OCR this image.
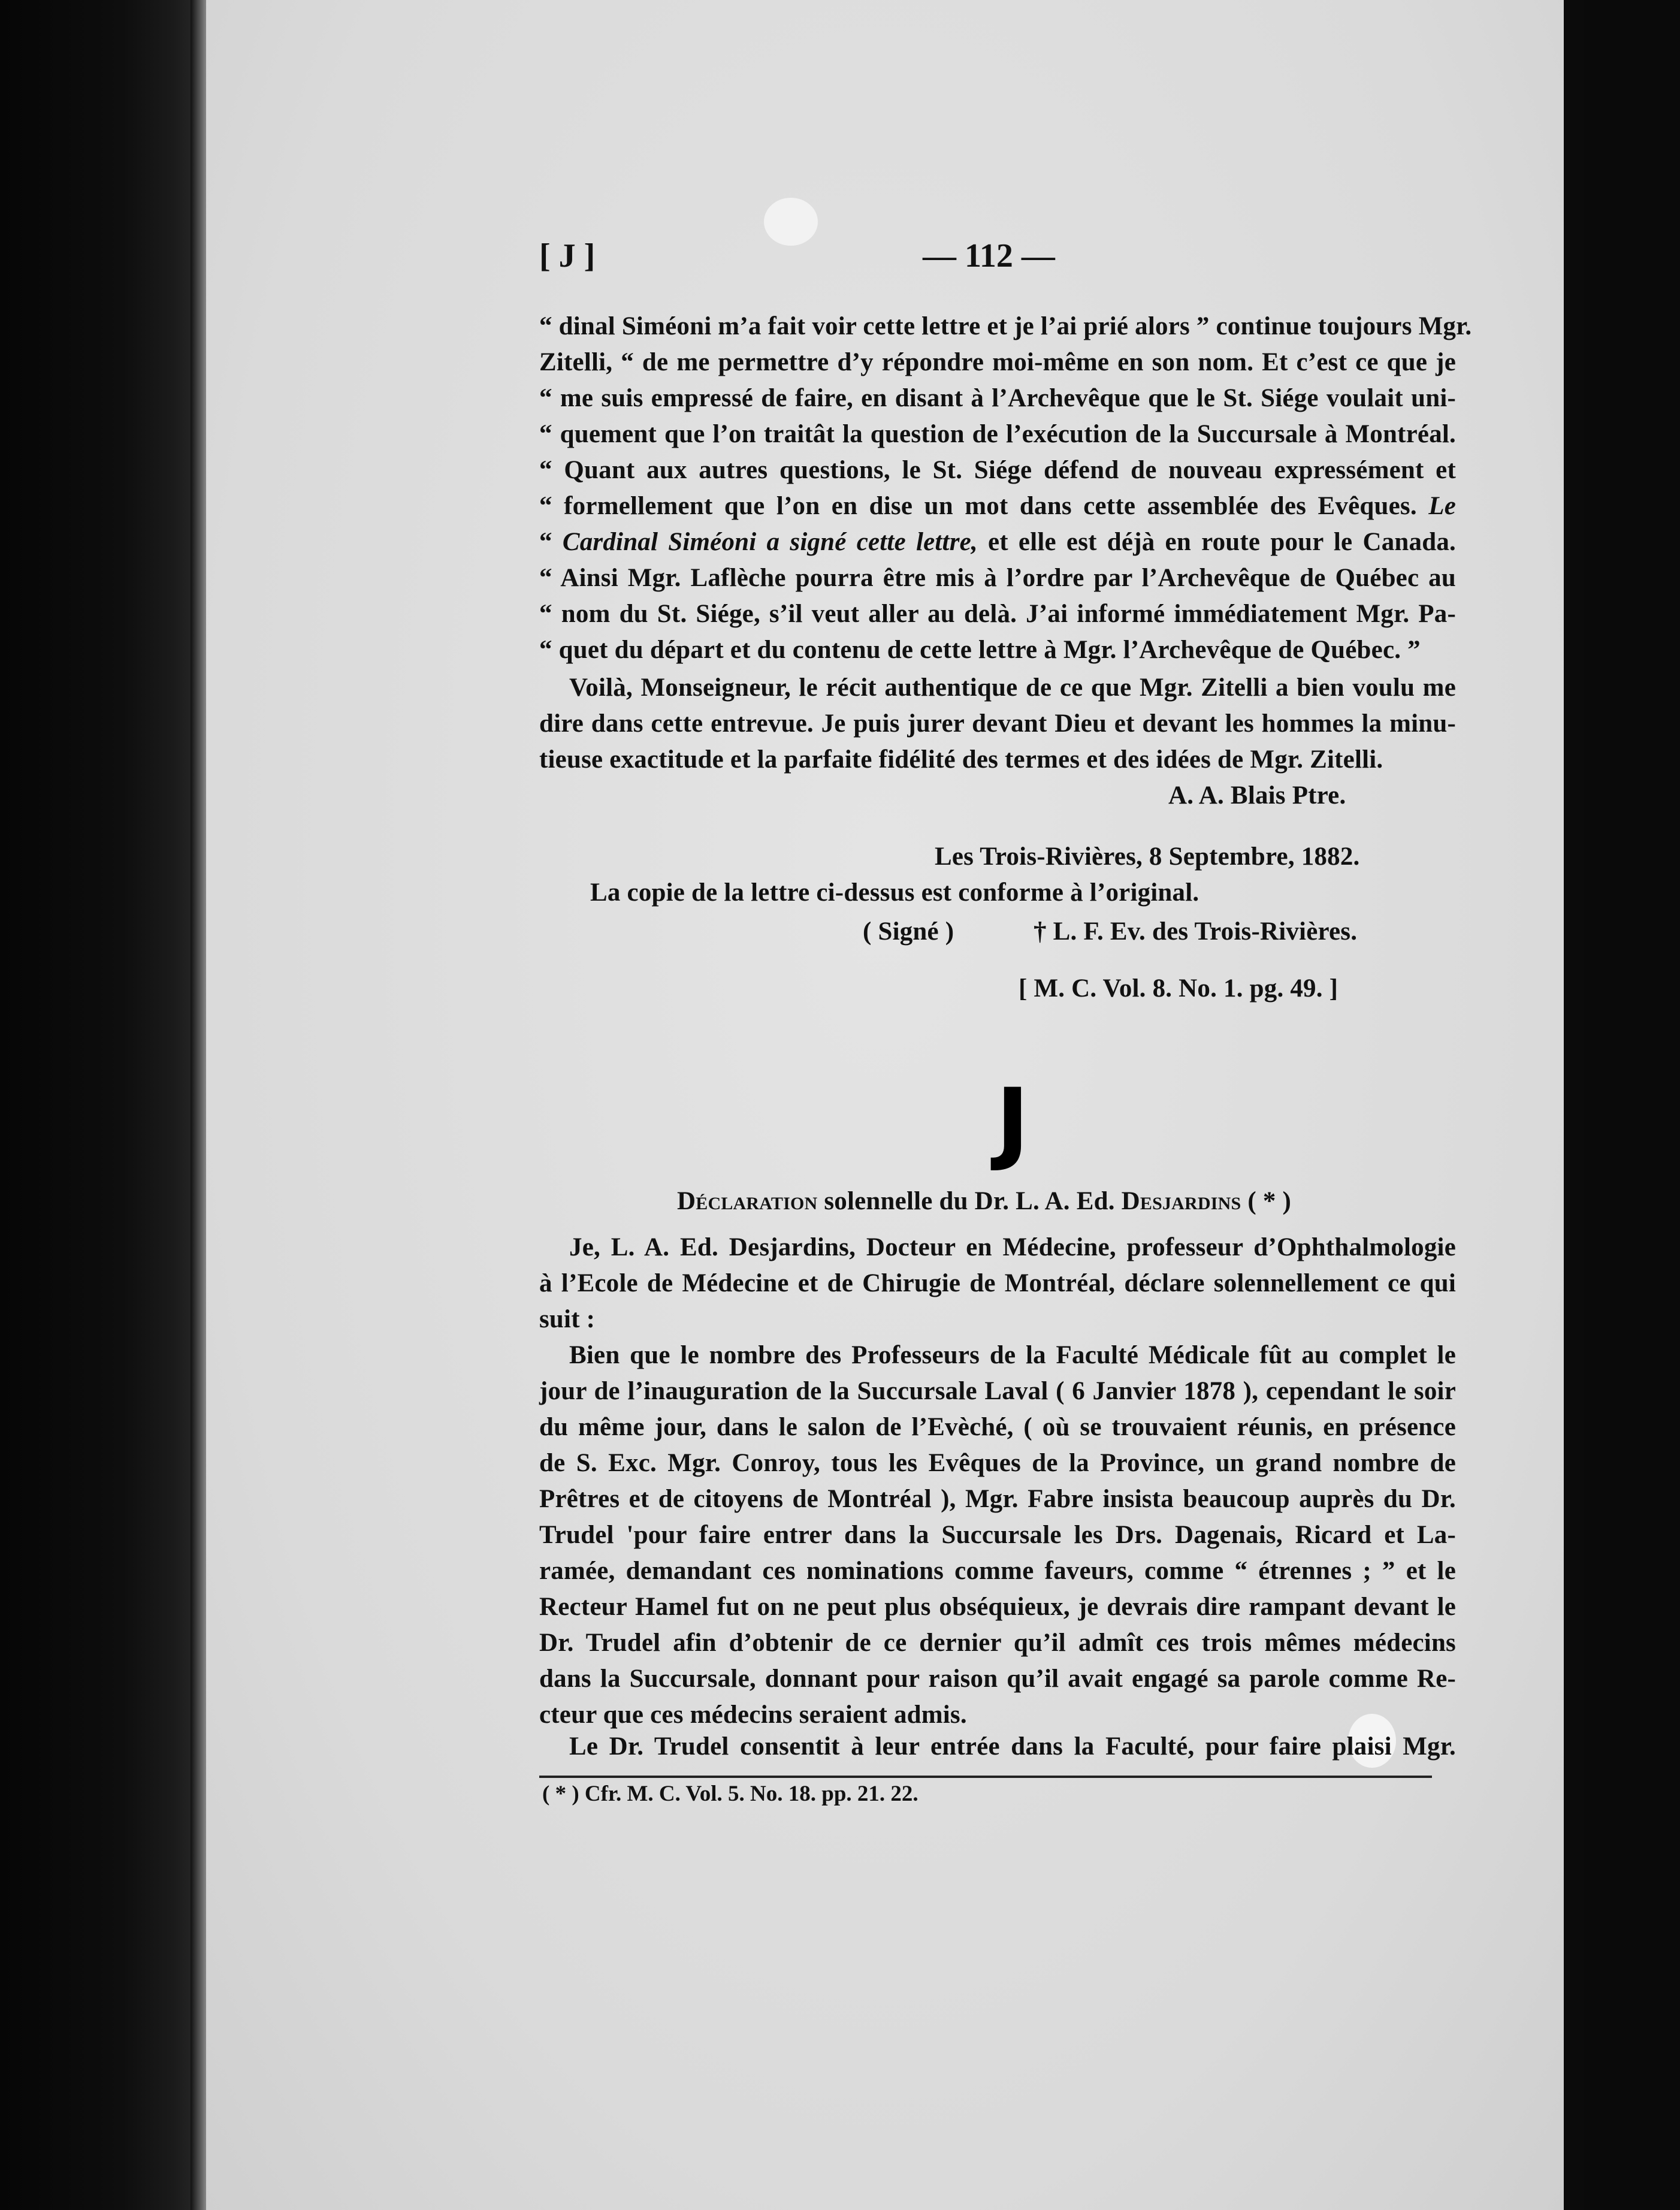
[ J ]	— 112 —
“ dinal Siméoni m’a fait voir cette lettre et je l’ai prié alors ” continue toujours Mgr.
Zitelli, “ de me permettre d’y répondre moi-même en son nom. Et c’est ce que je
“ me suis empressé de faire, en disant à l’Archevêque que le St. Siége voulait uni-
“ quement que l’on traitât la question de l’exécution de la Succursale à Montréal.
“ Quant aux autres questions, le St. Siége défend de nouveau expressément et
“ formellement que l’on en dise un mot dans cette assemblée des Evêques. Le
“ Cardinal Siméoni a signé cette lettre, et elle est déjà en route pour le Canada.
“ Ainsi Mgr. Laflèche pourra être mis à l’ordre par l’Archevêque de Québec au
“ nom du St. Siége, s’il veut aller au delà. J’ai informé immédiatement Mgr. Pa-
“ quet du départ et du contenu de cette lettre à Mgr. l’Archevêque de Québec. ”
Voilà, Monseigneur, le récit authentique de ce que Mgr. Zitelli a bien voulu me
dire dans cette entrevue. Je puis jurer devant Dieu et devant les hommes la minu-
tieuse exactitude et la parfaite fidélité des termes et des idées de Mgr. Zitelli.
A. A. Blais Ptre.
Les Trois-Rivières, 8 Septembre, 1882.
La copie de la lettre ci-dessus est conforme à l’original.
( Signé )	† L. F. Ev. des Trois-Rivières.
[ M. C. Vol. 8. No. 1. pg. 49. ]
J
Déclaration solennelle du Dr. L. A. Ed. Desjardins ( * )
Je, L. A. Ed. Desjardins, Docteur en Médecine, professeur d’Ophthalmologie
à l’Ecole de Médecine et de Chirugie de Montréal, déclare solennellement ce qui
suit :
Bien que le nombre des Professeurs de la Faculté Médicale fût au complet le
jour de l’inauguration de la Succursale Laval ( 6 Janvier 1878 ), cependant le soir
du même jour, dans le salon de l’Evèché, ( où se trouvaient réunis, en présence
de S. Exc. Mgr. Conroy, tous les Evêques de la Province, un grand nombre de
Prêtres et de citoyens de Montréal ), Mgr. Fabre insista beaucoup auprès du Dr.
Trudel 'pour faire entrer dans la Succursale les Drs. Dagenais, Ricard et La-
ramée, demandant ces nominations comme faveurs, comme “ étrennes ; ” et le
Recteur Hamel fut on ne peut plus obséquieux, je devrais dire rampant devant le
Dr. Trudel afin d’obtenir de ce dernier qu’il admît ces trois mêmes médecins
dans la Succursale, donnant pour raison qu’il avait engagé sa parole comme Re-
cteur que ces médecins seraient admis.
Le Dr. Trudel consentit à leur entrée dans la Faculté, pour faire plaisi Mgr.
( * ) Cfr. M. C. Vol. 5. No. 18. pp. 21. 22.
